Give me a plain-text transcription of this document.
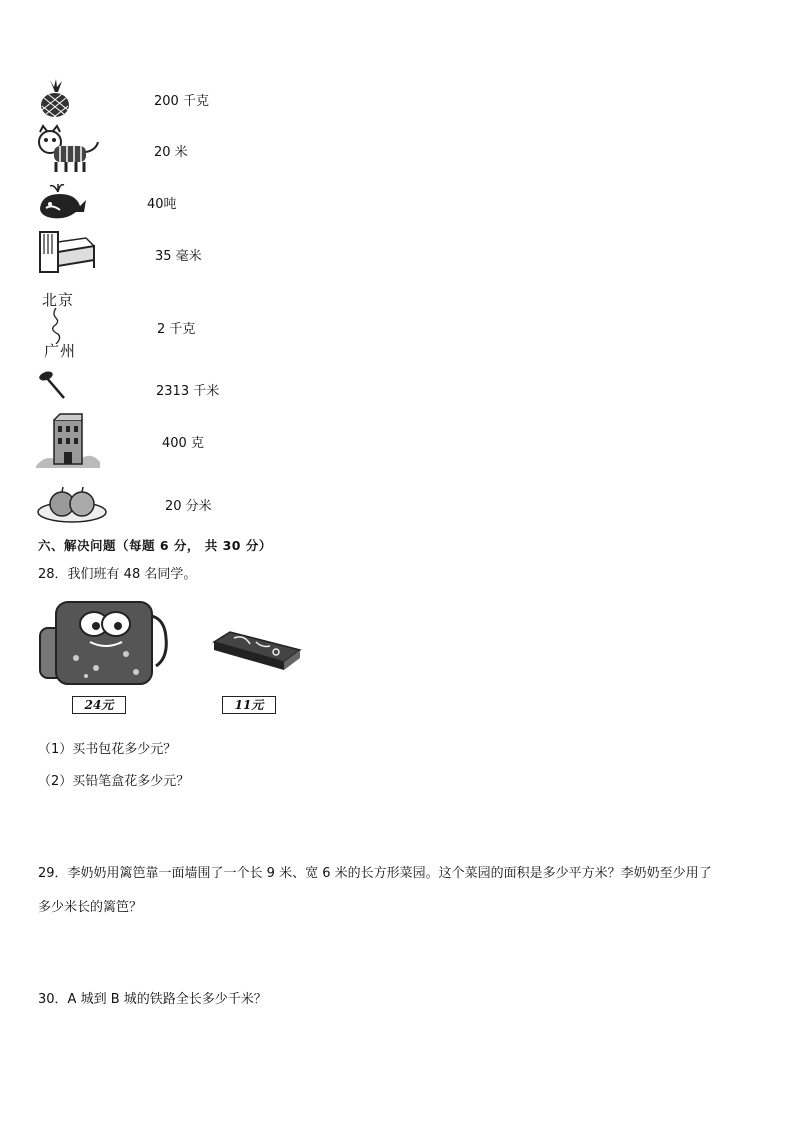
200 千克
20 米
40吨
35 毫米
北京
广州
2 千克
2313 千米
400 克
20 分米
六、解决问题（每题 6 分， 共 30 分）
28．我们班有 48 名同学。
24元	11元
（1）买书包花多少元？
（2）买铅笔盒花多少元？
29．李奶奶用篱笆靠一面墙围了一个长 9 米、宽 6 米的长方形菜园。这个菜园的面积是多少平方米？李奶奶至少用了
多少米长的篱笆？
30．A 城到 B 城的铁路全长多少千米？
